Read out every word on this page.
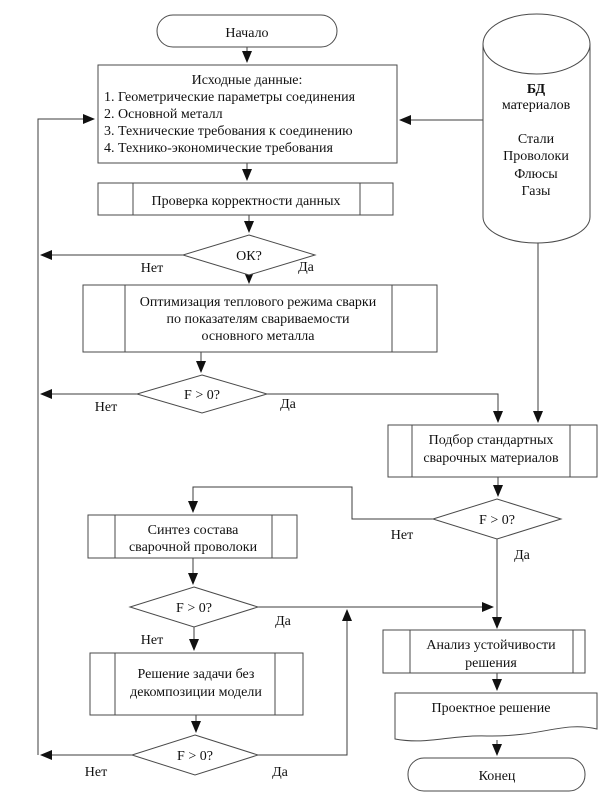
Начало
Исходные данные:
1. Геометрические параметры соединения
2. Основной металл
3. Технические требования к соединению
4. Технико-экономические требования
БД
материалов
Стали
Проволоки
Флюсы
Газы
Проверка корректности данных
ОК?
Нет	Да
Оптимизация теплового режима сварки
по показателям свариваемости
основного металла
F > 0?
Нет	Да
Подбор стандартных
сварочных материалов
F > 0?
Нет
Да
Синтез состава
сварочной проволоки
F > 0?
Нет
Да
Решение задачи без
декомпозиции модели
F > 0?
Нет	Да
Анализ устойчивости
решения
Проектное решение
Конец
